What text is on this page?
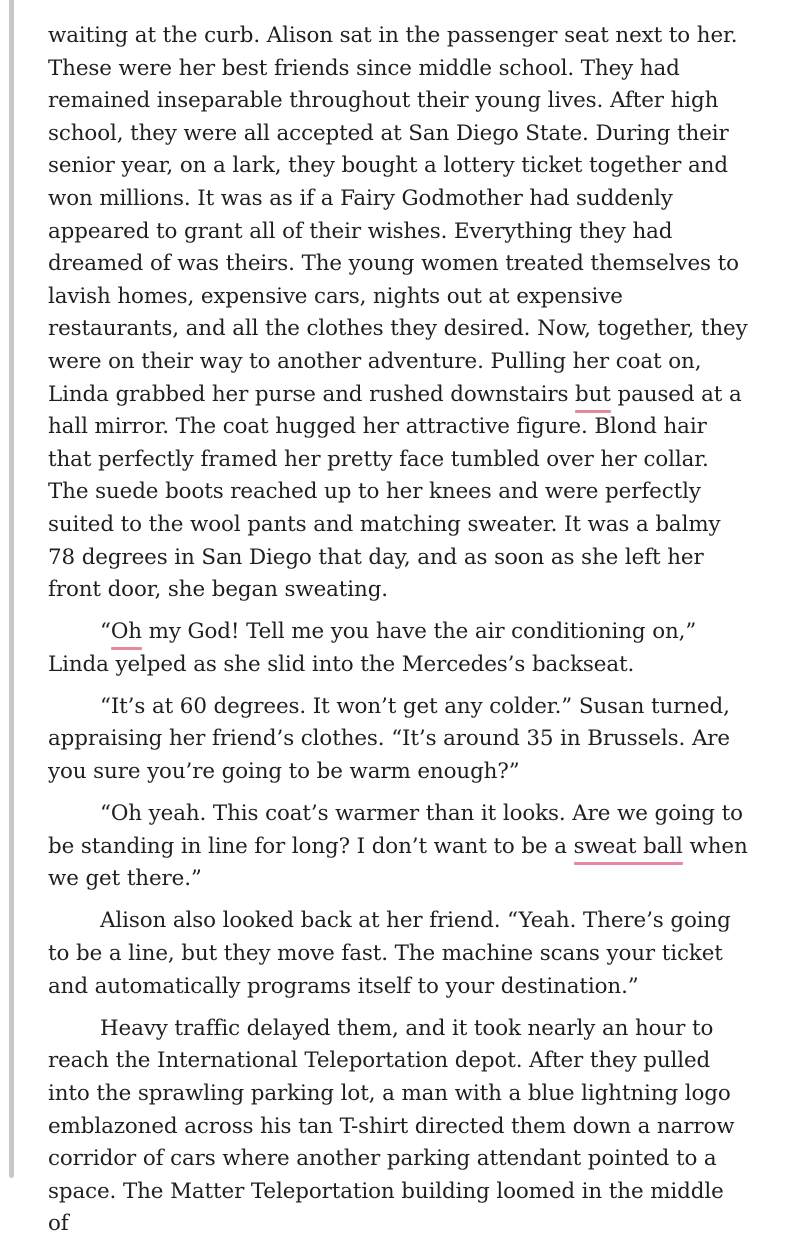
waiting at the curb. Alison sat in the passenger seat next to her. These were her best friends since middle school. They had remained inseparable throughout their young lives. After high school, they were all accepted at San Diego State. During their senior year, on a lark, they bought a lottery ticket together and won millions. It was as if a Fairy Godmother had suddenly appeared to grant all of their wishes. Everything they had dreamed of was theirs. The young women treated themselves to lavish homes, expensive cars, nights out at expensive restaurants, and all the clothes they desired. Now, together, they were on their way to another adventure. Pulling her coat on, Linda grabbed her purse and rushed downstairs but paused at a hall mirror. The coat hugged her attractive figure. Blond hair that perfectly framed her pretty face tumbled over her collar. The suede boots reached up to her knees and were perfectly suited to the wool pants and matching sweater. It was a balmy 78 degrees in San Diego that day, and as soon as she left her front door, she began sweating.

“Oh my God! Tell me you have the air conditioning on,” Linda yelped as she slid into the Mercedes’s backseat.

“It’s at 60 degrees. It won’t get any colder.” Susan turned, appraising her friend’s clothes. “It’s around 35 in Brussels. Are you sure you’re going to be warm enough?”

“Oh yeah. This coat’s warmer than it looks. Are we going to be standing in line for long? I don’t want to be a sweat ball when we get there.”

Alison also looked back at her friend. “Yeah. There’s going to be a line, but they move fast. The machine scans your ticket and automatically programs itself to your destination.”

Heavy traffic delayed them, and it took nearly an hour to reach the International Teleportation depot. After they pulled into the sprawling parking lot, a man with a blue lightning logo emblazoned across his tan T-shirt directed them down a narrow corridor of cars where another parking attendant pointed to a space. The Matter Teleportation building loomed in the middle of
